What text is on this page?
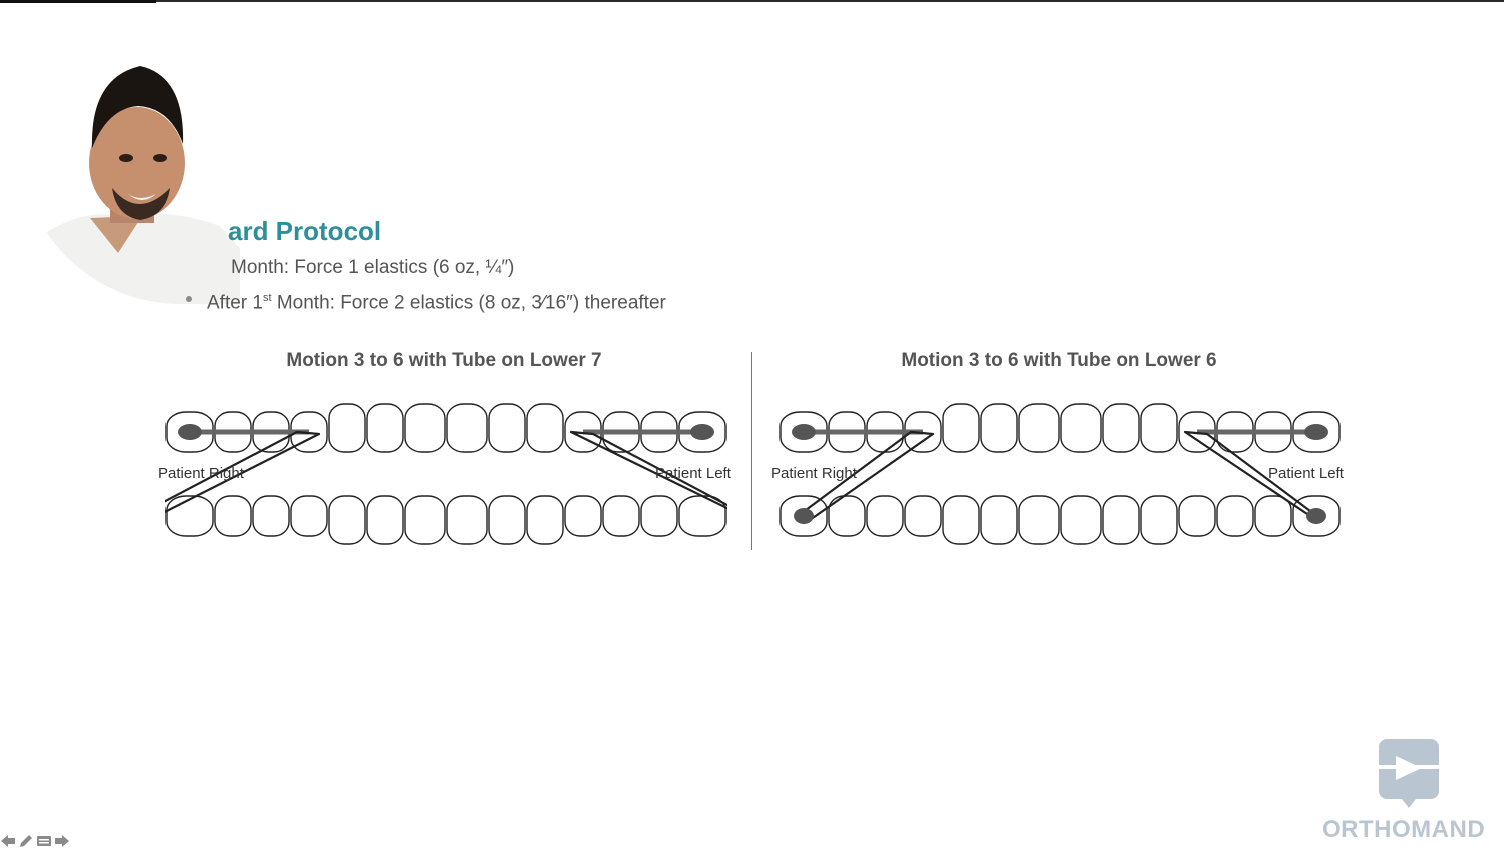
ard Protocol
Month: Force 1 elastics (6 oz, ¼″)
After 1st Month: Force 2 elastics (8 oz, 3⁄16″) thereafter

Motion 3 to 6 with Tube on Lower 7

Patient Right	Patient Left

Motion 3 to 6 with Tube on Lower 6

Patient Right	Patient Left
ORTHOMAND
